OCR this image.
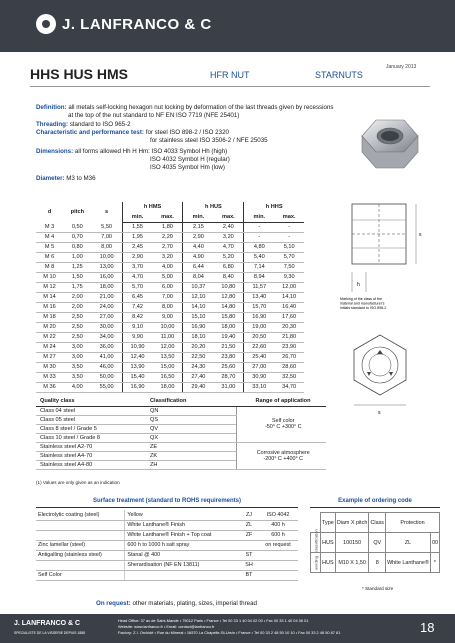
J. LANFRANCO & C
HHS HUS HMS	HFR NUT	STARNUTS
January 2013
Definition: all metals self-locking hexagon nut locking by deformation of the last threads given by recessions
at the top of the nut standard to NF EN ISO 7719 (NFE 25401)
Threading: standard to ISO 965-2
Characteristic and performance test: for steel ISO 898-2 / ISO 2320
for stainless steel ISO 3506-2 / NFE 25035
Dimensions: all forms allowed Hh H Hm: ISO 4033 Symbol Hh (high)
ISO 4032 Symbol H (regular)
ISO 4035 Symbol Hm (low)
Diameter: M3 to M36
d	pitch	s	h HMS		h HUS		h HHS	
			min.	max.	min.	max.	min.	max.
M 3	0,50	5,50	1,55	1,80	2,15	2,40	-	-
M 4	0,70	7,00	1,95	2,20	2,90	3,20	-	-
M 5	0,80	8,00	2,45	2,70	4,40	4,70	4,80	5,10
M 6	1,00	10,00	2,90	3,20	4,90	5,20	5,40	5,70
M 8	1,25	13,00	3,70	4,00	6,44	6,80	7,14	7,50
M 10	1,50	16,00	4,70	5,00	8,04	8,40	8,94	9,30
M 12	1,75	18,00	5,70	6,00	10,37	10,80	11,57	12,00
M 14	2,00	21,00	6,45	7,00	12,10	12,80	13,40	14,10
M 16	2,00	24,00	7,42	8,00	14,10	14,80	15,70	16,40
M 18	2,50	27,00	8,42	9,00	15,10	15,80	16,90	17,60
M 20	2,50	30,00	9,10	10,00	16,90	18,00	19,00	20,30
M 22	2,50	34,00	9,90	11,00	18,10	19,40	20,50	21,80
M 24	3,00	36,00	10,90	12,00	20,20	21,50	22,60	23,90
M 27	3,00	41,00	12,40	13,50	22,50	23,80	25,40	26,70
M 30	3,50	46,00	13,90	15,00	24,30	25,60	27,00	28,60
M 33	3,50	50,00	15,40	16,50	27,40	28,70	30,90	32,50
M 36	4,00	55,00	16,90	18,00	29,40	31,00	33,10	34,70
s
h
Marking of the class of the material and manufacturer's initials standard to ISO 898-2
s
Quality class	Classification	Range of application
Class 04 steel	QN	Self color
-50° C +300° C

Class 05 steel	QS	
Class 8 steel / Grade 5	QV	
Class 10 steel / Grade 8	QX	
Stainless steel A2-70	ZE	Corrosive atmosphere
-200° C +400° C

Stainless steel A4-70	ZK	
Stainless steel A4-80	ZH	
(1) Values are only given as an indication
Surface treatment (standard to ROHS requirements)
Electrolytic coating (steel)	Yellow	ZJ	ISO 4042
	White Lanthane® Finish	ZL	400 h
	White Lanthane® Finish + Top coat	ZF	600 h
Zinc lamellar (steel)	600 h to 1000 h salt spray		on request
Antigalling (stainless steel)	Stanal @ 400	ST	
	Sherardisation (NF EN 13811)	SH	
Self Color		BT	
Example of ordering code
	Type	Diam X pitch	Class	Protection	
classification	HUS	100150	QV	ZL	00
wording	HUS	M10 X 1,50	8	White Lanthane®	*
* Standard size
On request: other materials, plating, sizes, imperial thread
J. LANFRANCO & C
SPECIALISTE DE LA VISSERIE DEPUIS 1888
Head Office: 37 av de Saint-Mandé • 75012 Paris • France • Tel 00 33 1 40 04 02 00 • Fax 00 33 1 40 04 06 01
Website: www.lanfranco.fr • Email: contact@lanfranco.fr
Factory: Z.I. Orchidé • Rue du Minerai • 16570 La Chapelle-St-Ursin • France • Tel 00 33 2 48 50 10 10 • Fax 00 33 2 48 50 87 81	18
